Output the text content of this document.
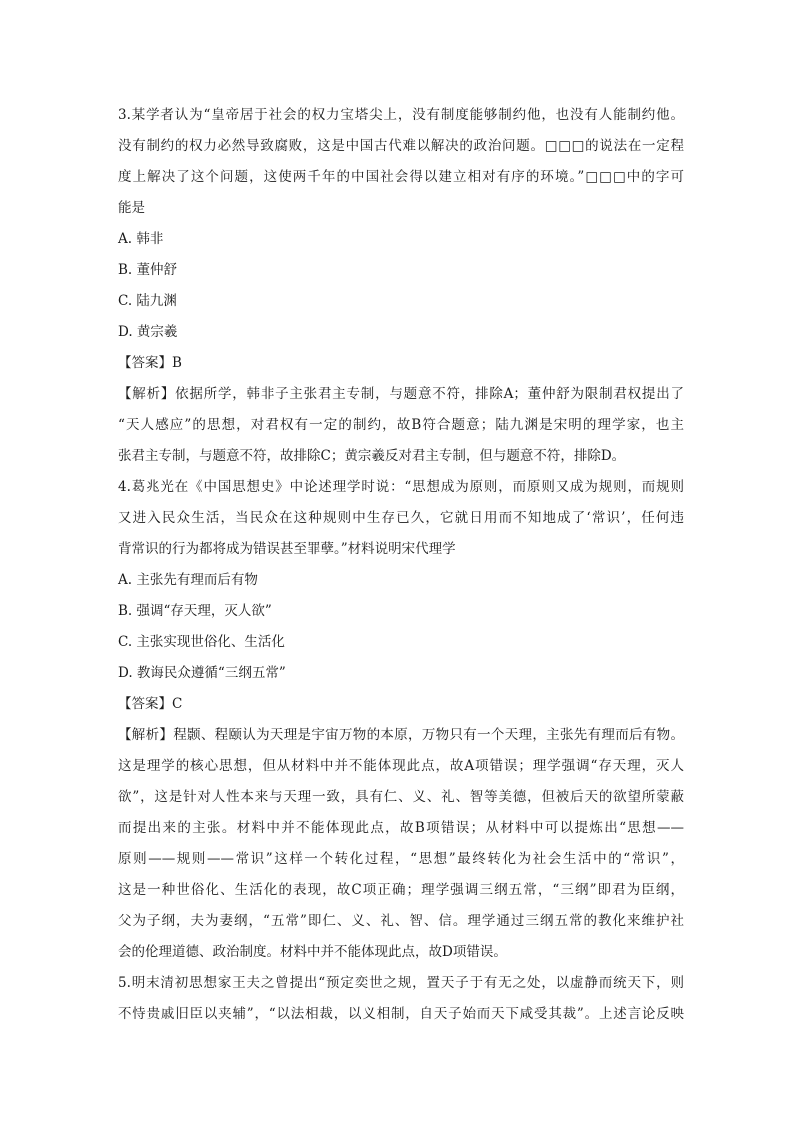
3.某学者认为“皇帝居于社会的权力宝塔尖上，没有制度能够制约他，也没有人能制约他。
没有制约的权力必然导致腐败，这是中国古代难以解决的政治问题。□□□的说法在一定程
度上解决了这个问题，这使两千年的中国社会得以建立相对有序的环境。”□□□中的字可
能是
A. 韩非
B. 董仲舒
C. 陆九渊
D. 黄宗羲
【答案】B
【解析】依据所学，韩非子主张君主专制，与题意不符，排除A；董仲舒为限制君权提出了
“天人感应”的思想，对君权有一定的制约，故B符合题意；陆九渊是宋明的理学家，也主
张君主专制，与题意不符，故排除C；黄宗羲反对君主专制，但与题意不符，排除D。
4.葛兆光在《中国思想史》中论述理学时说：“思想成为原则，而原则又成为规则，而规则
又进入民众生活，当民众在这种规则中生存已久，它就日用而不知地成了‘常识’，任何违
背常识的行为都将成为错误甚至罪孽。”材料说明宋代理学
A. 主张先有理而后有物
B. 强调“存天理，灭人欲”
C. 主张实现世俗化、生活化
D. 教诲民众遵循“三纲五常”
【答案】C
【解析】程颢、程颐认为天理是宇宙万物的本原，万物只有一个天理，主张先有理而后有物。
这是理学的核心思想，但从材料中并不能体现此点，故A项错误；理学强调“存天理，灭人
欲”，这是针对人性本来与天理一致，具有仁、义、礼、智等美德，但被后天的欲望所蒙蔽
而提出来的主张。材料中并不能体现此点，故B项错误；从材料中可以提炼出“思想——
原则——规则——常识”这样一个转化过程，“思想”最终转化为社会生活中的“常识”，
这是一种世俗化、生活化的表现，故C项正确；理学强调三纲五常，“三纲”即君为臣纲，
父为子纲，夫为妻纲，“五常”即仁、义、礼、智、信。理学通过三纲五常的教化来维护社
会的伦理道德、政治制度。材料中并不能体现此点，故D项错误。
5.明末清初思想家王夫之曾提出“预定奕世之规，置天子于有无之处，以虚静而统天下，则
不恃贵戚旧臣以夹辅”，“以法相裁，以义相制，自天子始而天下咸受其裁”。上述言论反映
